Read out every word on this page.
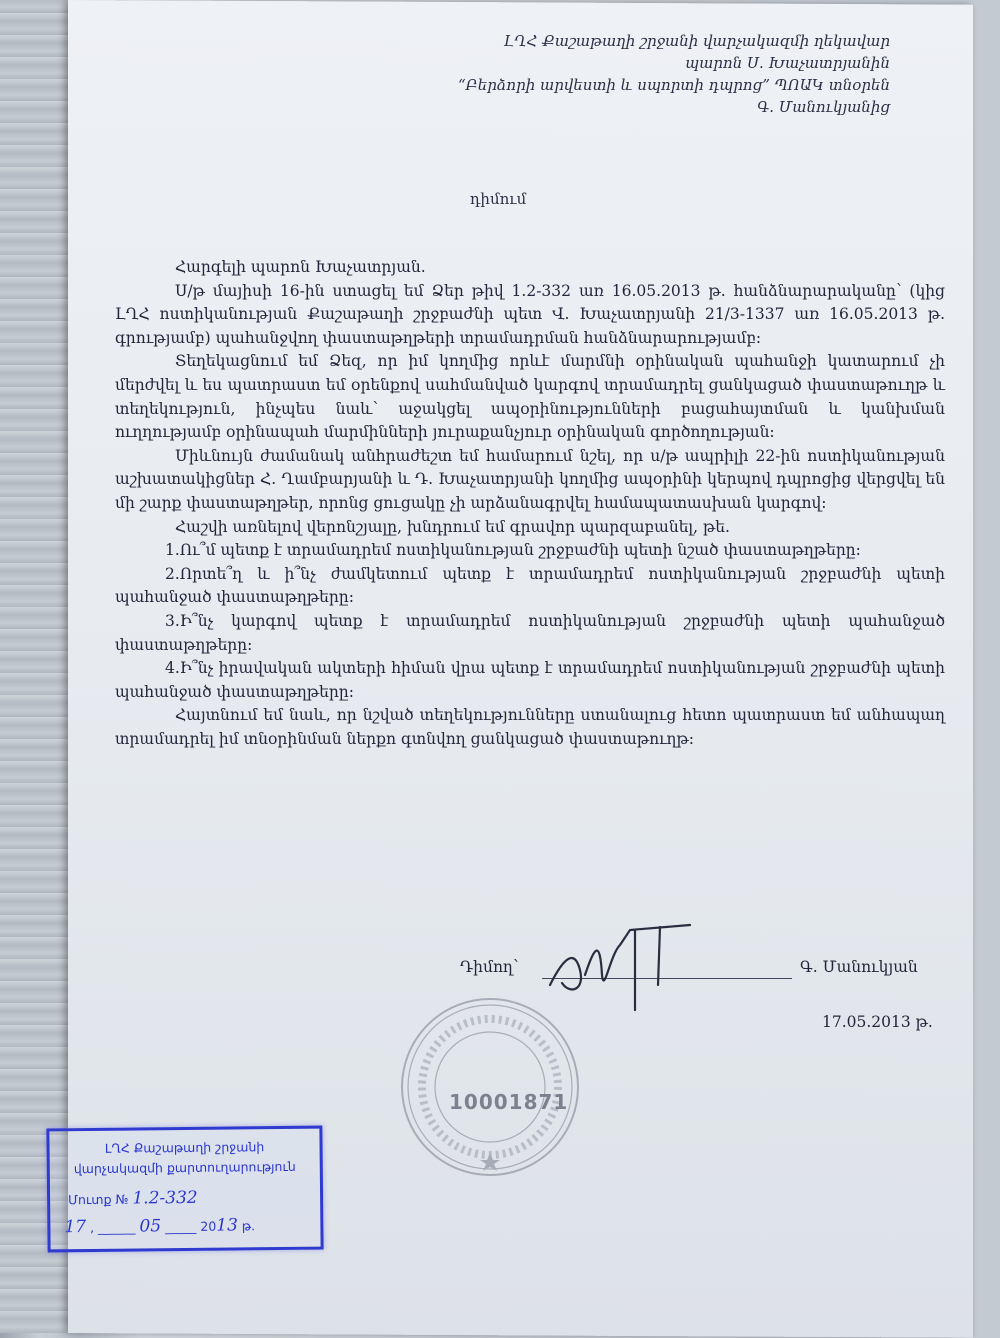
ԼՂՀ Քաշաթաղի շրջանի վարչակազմի ղեկավար
պարոն Ս. Խաչատրյանին
“Բերձորի արվեստի և սպորտի դպրոց” ՊՈԱԿ տնօրեն
Գ. Մանուկյանից
դիմում

Հարգելի պարոն Խաչատրյան.

Ս/թ մայիսի 16-ին ստացել եմ Ձեր թիվ 1.2-332 առ 16.05.2013 թ. հանձնարարականը՝ (կից ԼՂՀ ոստիկանության Քաշաթաղի շրջբաժնի պետ Վ. Խաչատրյանի 21/3-1337 առ 16.05.2013 թ. գրությամբ) պահանջվող փաստաթղթերի տրամադրման հանձնարարությամբ:

Տեղեկացնում եմ Ձեզ, որ իմ կողմից որևէ մարմնի օրինական պահանջի կատարում չի մերժվել և ես պատրաստ եմ օրենքով սահմանված կարգով տրամադրել ցանկացած փաստաթուղթ և տեղեկություն, ինչպես նաև՝ աջակցել ապօրինությունների բացահայտման և կանխման ուղղությամբ օրինապահ մարմինների յուրաքանչյուր օրինական գործողության:

Միևնույն ժամանակ անհրաժեշտ եմ համարում նշել, որ ս/թ ապրիլի 22-ին ոստիկանության աշխատակիցներ Հ. Ղամբարյանի և Դ. Խաչատրյանի կողմից ապօրինի կերպով դպրոցից վերցվել են մի շարք փաստաթղթեր, որոնց ցուցակը չի արձանագրվել համապատասխան կարգով:

Հաշվի առնելով վերոնշյալը, խնդրում եմ գրավոր պարզաբանել, թե.

1.Ու՞մ պետք է տրամադրեմ ոստիկանության շրջբաժնի պետի նշած փաստաթղթերը:

2.Որտե՞ղ և ի՞նչ ժամկետում պետք է տրամադրեմ ոստիկանության շրջբաժնի պետի պահանջած փաստաթղթերը:

3.Ի՞նչ կարգով պետք է տրամադրեմ ոստիկանության շրջբաժնի պետի պահանջած փաստաթղթերը:

4.Ի՞նչ իրավական ակտերի հիման վրա պետք է տրամադրեմ ոստիկանության շրջբաժնի պետի պահանջած փաստաթղթերը:

Հայտնում եմ նաև, որ նշված տեղեկությունները ստանալուց հետո պատրաստ եմ անհապաղ տրամադրել իմ տնօրինման ներքո գտնվող ցանկացած փաստաթուղթ:

Դիմող՝	Գ. Մանուկյան
17.05.2013 թ.
10001871
ԼՂՀ Քաշաթաղի շրջանի
վարչակազմի քարտուղարություն
Մուտք № 1.2-332
17 , ______ 05 _____ 2013 թ.
